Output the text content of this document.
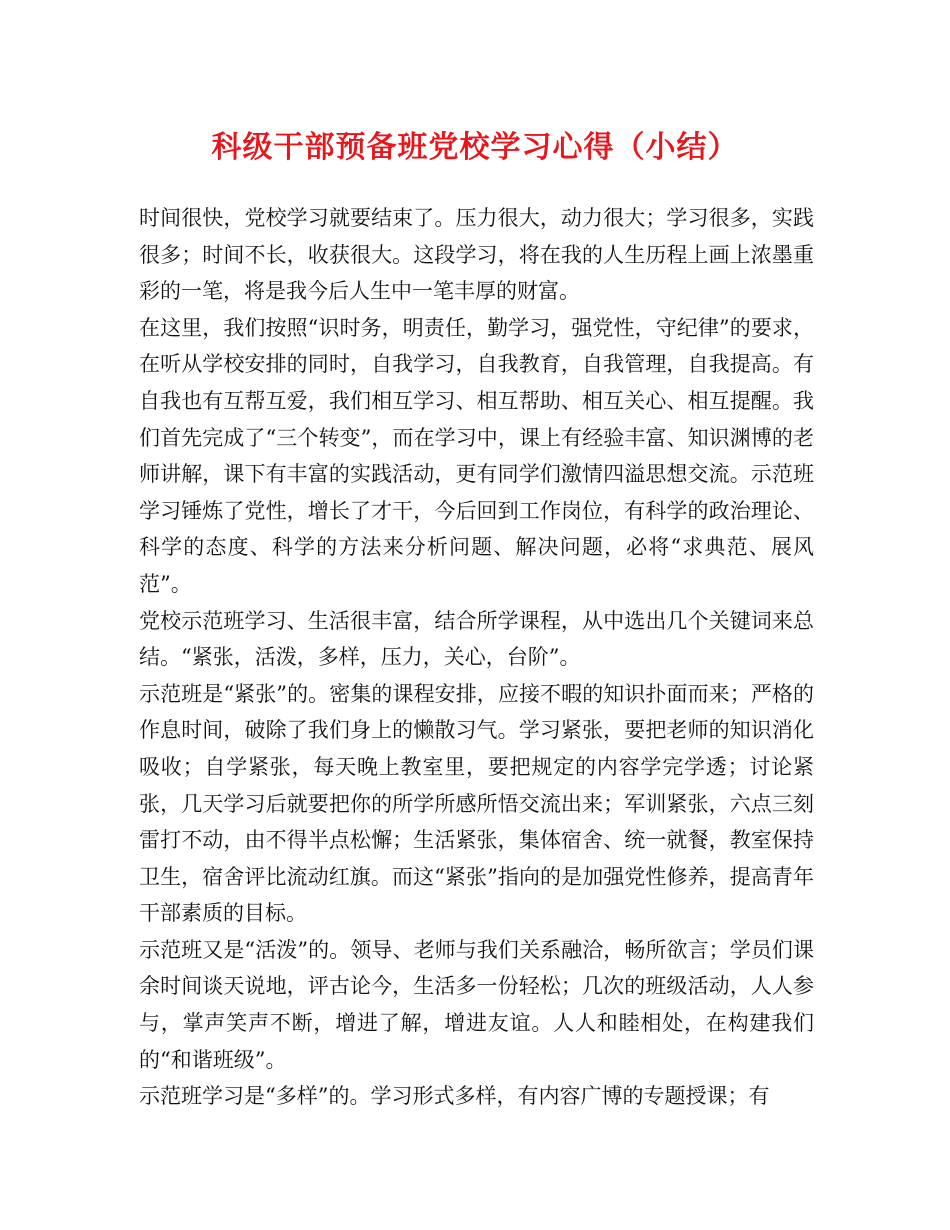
科级干部预备班党校学习心得（小结）

时间很快，党校学习就要结束了。压力很大，动力很大；学习很多，实践很多；时间不长，收获很大。这段学习，将在我的人生历程上画上浓墨重彩的一笔，将是我今后人生中一笔丰厚的财富。

在这里，我们按照“识时务，明责任，勤学习，强党性，守纪律”的要求，在听从学校安排的同时，自我学习，自我教育，自我管理，自我提高。有自我也有互帮互爱，我们相互学习、相互帮助、相互关心、相互提醒。我们首先完成了“三个转变”，而在学习中，课上有经验丰富、知识渊博的老师讲解，课下有丰富的实践活动，更有同学们激情四溢思想交流。示范班学习锤炼了党性，增长了才干，今后回到工作岗位，有科学的政治理论、科学的态度、科学的方法来分析问题、解决问题，必将“求典范、展风范”。

党校示范班学习、生活很丰富，结合所学课程，从中选出几个关键词来总结。“紧张，活泼，多样，压力，关心，台阶”。

示范班是“紧张”的。密集的课程安排，应接不暇的知识扑面而来；严格的作息时间，破除了我们身上的懒散习气。学习紧张，要把老师的知识消化吸收；自学紧张，每天晚上教室里，要把规定的内容学完学透；讨论紧张，几天学习后就要把你的所学所感所悟交流出来；军训紧张，六点三刻雷打不动，由不得半点松懈；生活紧张，集体宿舍、统一就餐，教室保持卫生，宿舍评比流动红旗。而这“紧张”指向的是加强党性修养，提高青年干部素质的目标。

示范班又是“活泼”的。领导、老师与我们关系融洽，畅所欲言；学员们课余时间谈天说地，评古论今，生活多一份轻松；几次的班级活动，人人参与，掌声笑声不断，增进了解，增进友谊。人人和睦相处，在构建我们的“和谐班级”。

示范班学习是“多样”的。学习形式多样，有内容广博的专题授课；有
